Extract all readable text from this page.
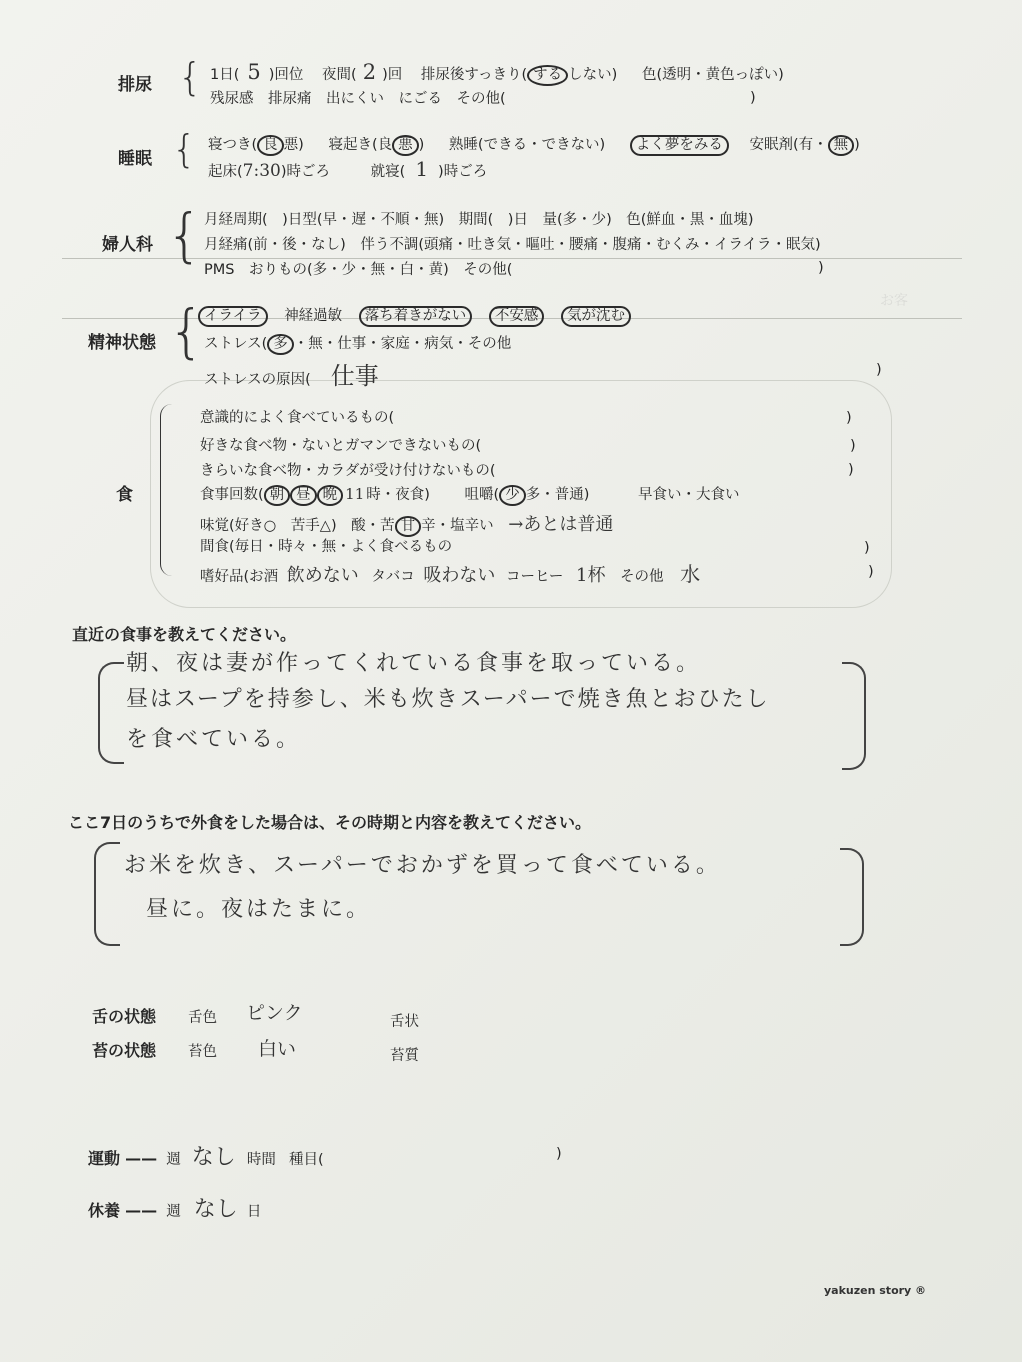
お客
排尿 { 1日( 5 )回位 夜間( 2 )回 排尿後すっきり( する しない) 色(透明・黄色っぽい)
残尿感　排尿痛　出にくい　にごる　その他(	)
睡眠 { 寝つき( 良 悪) 寝起き(良 悪 ) 熟睡(できる・できない) よく夢をみる 安眠剤(有・ 無 )
起床(7:30)時ごろ	就寝( 1 )時ごろ
婦人科 { 月経周期(　)日型(早・遅・不順・無)　期間(　)日　量(多・少)　色(鮮血・黒・血塊)
月経痛(前・後・なし)　伴う不調(頭痛・吐き気・嘔吐・腰痛・腹痛・むくみ・イライラ・眠気)
PMS　おりもの(多・少・無・白・黄)　その他(	)
精神状態 { イライラ 神経過敏 落ち着きがない 不安感 気が沈む
ストレス( 多 ・無・仕事・家庭・病気・その他
ストレスの原因( 仕事	)
食
意識的によく食べているもの(	)
好きな食べ物・ないとガマンできないもの(	)
きらいな食べ物・カラダが受け付けないもの(	)
食事回数( 朝 昼 晩 11 時・夜食) 咀嚼( 少 多・普通)	早食い・大食い
味覚(好き○　苦手△)　酸・苦 甘 辛・塩辛い →あとは普通
間食(毎日・時々・無・よく食べるもの	)
嗜好品(お酒 飲めない タバコ 吸わない コーヒー 1杯 その他 水	)
直近の食事を教えてください。
朝、夜は妻が作ってくれている食事を取っている。
昼はスープを持参し、米も炊きスーパーで焼き魚とおひたし
を食べている。
ここ7日のうちで外食をした場合は、その時期と内容を教えてください。
お米を炊き、スーパーでおかずを買って食べている。
昼に。夜はたまに。
舌の状態 舌色 ピンク	舌状
苔の状態 苔色 白い	苔質
運動 —— 週 なし 時間 種目(	)
休養 —— 週 なし 日
yakuzen story ®
